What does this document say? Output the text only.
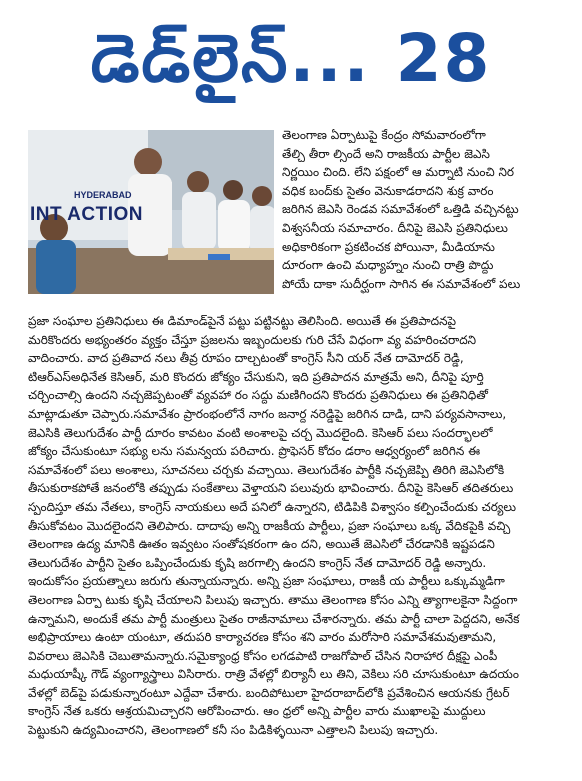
డెడ్‌లైన్... 28
HYDERABAD
INT ACTION
తెలంగాణ ఏర్పాటుపై కేంద్రం సోమవారంలోగా
తేల్చి తీరా ల్సిందే అని రాజకీయ పార్టీల జెఎసి
నిర్ణయిం చింది. లేని పక్షంలో ఆ మర్నాటి నుంచి నిర
వధిక బంద్‌కు సైతం వెనుకాడరాదని శుక్ర వారం
జరిగిన జెఎసి రెండవ సమావేశంలో ఒత్తిడి వచ్చినట్టు
విశ్వసనీయ సమాచారం. దీనిపై జెఎసి ప్రతినిధులు
అధికారికంగా ప్రకటించక పోయినా, మీడియాను
దూరంగా ఉంచి మధ్యాహ్నం నుంచి రాత్రి పొద్దు
పోయే దాకా సుదీర్ఘంగా సాగిన ఈ సమావేశంలో పలు
ప్రజా సంఘాల ప్రతినిధులు ఈ డిమాండ్‌పైనే పట్టు పట్టినట్టు తెలిసింది. అయితే ఈ ప్రతిపాదనపై
మరికొందరు అభ్యంతరం వ్యక్తం చేస్తూ ప్రజలను ఇబ్బందులకు గురి చేసే విధంగా వ్య వహరించరాదని
వాదించారు. వాద ప్రతివాద నలు తీవ్ర రూపం దాల్చటంతో కాంగ్రెస్ సీని యర్ నేత దామోదర్ రెడ్డి,
టిఆర్ఎస్‌అధినేత కెసిఆర్, మరి కొందరు జోక్యం చేసుకుని, ఇది ప్రతిపాదన మాత్రమే అని, దీనిపై పూర్తి
చర్చించాల్సి ఉందని నచ్చజెప్పటంతో వ్యవహా రం సద్దు మణిగిందని కొందరు ప్రతినిధులు ఈ ప్రతినిధితో
మాట్లాడుతూ చెప్పారు.సమావేశం ప్రారంభంలోనే నాగం జనార్ద నరెడ్డిపై జరిగిన దాడి, దాని పర్యవసానాలు,
జెఎసికి తెలుగుదేశం పార్టీ దూరం కావటం వంటి అంశాలపై చర్చ మొదలైంది. కెసిఆర్ పలు సందర్భాలలో
జోక్యం చేసుకుంటూ సభ్యు లను సమన్వయ పరిచారు. ప్రొఫెసర్ కోదం డరాం ఆధ్వర్యంలో జరిగిన ఈ
సమావేశంలో పలు అంశాలు, సూచనలు చర్చకు వచ్చాయి. తెలుగుదేశం పార్టీకి నచ్చజెప్పి తిరిగి జెఎసిలోకి
తీసుకురాకపోతే జనంలోకి తప్పుడు సంకేతాలు వెళ్తాయని పలువురు భావించారు. దీనిపై కెసిఆర్ తదితరులు
స్పందిస్తూ తమ నేతలు, కాంగ్రెస్ నాయకులు అదే పనిలో ఉన్నారని, టిడిపికి విశ్వాసం కల్పించేందుకు చర్యలు
తీసుకోవటం మొదలైందని తెలిపారు. దాదాపు అన్ని రాజకీయ పార్టీలు, ప్రజా సంఘాలు ఒక్క వేదికపైకి వచ్చి
తెలంగాణ ఉద్య మానికి ఊతం ఇవ్వటం సంతోషకరంగా ఉం దని, అయితే జెఎసిలో చేరడానికి ఇష్టపడని
తెలుగుదేశం పార్టీని సైతం ఒప్పించేందుకు కృషి జరగాల్సి ఉందని కాంగ్రెస్ నేత దామోదర్ రెడ్డి అన్నారు.
ఇందుకోసం ప్రయత్నాలు జరుగు తున్నాయన్నారు. అన్ని ప్రజా సంఘాలు, రాజకీ య పార్టీలు ఒక్కుమ్మడిగా
తెలంగాణ ఏర్పా టుకు కృషి చేయాలని పిలుపు ఇచ్చారు. తాము తెలంగాణ కోసం ఎన్ని త్యాగాలకైనా సిద్దంగా
ఉన్నామని, అందుకే తమ పార్టీ మంత్రులు సైతం రాజీనామాలు చేశారన్నారు. తమ పార్టీ చాలా పెద్దదని, అనేక
అభిప్రాయాలు ఉంటా యంటూ, తదుపరి కార్యాచరణ కోసం శని వారం మరోసారి సమావేశమవుతామని,
వివరాలు జెఎసికి చెబుతామన్నారు.సమైక్యాంధ్ర కోసం లగడపాటి రాజగోపాల్ చేసిన నిరాహార దీక్షపై ఎంపీ
మధుయాష్కీ గౌడ్ వ్యంగ్యాస్త్రాలు విసిరారు. రాత్రి వేళల్లో బిర్యానీ లు తిని, వెకిలు సరి చూసుకుంటూ ఉదయం
వేళల్లో బెడ్‌పై పడుకున్నారంటూ ఎద్దేవా చేశారు. బందిపోటులా హైదరాబాద్‌లోకి ప్రవేశించిన ఆయనకు గ్రేటర్
కాంగ్రెస్ నేత ఒకరు ఆశ్రయమిచ్చారని ఆరోపించారు. ఆం ధ్రలో అన్ని పార్టీల వారు ముఖాలపై ముద్దులు
పెట్టుకుని ఉద్యమించారని, తెలంగాణలో కనీ సం పిడికిళ్ళయినా ఎత్తాలని పిలుపు ఇచ్చారు.
